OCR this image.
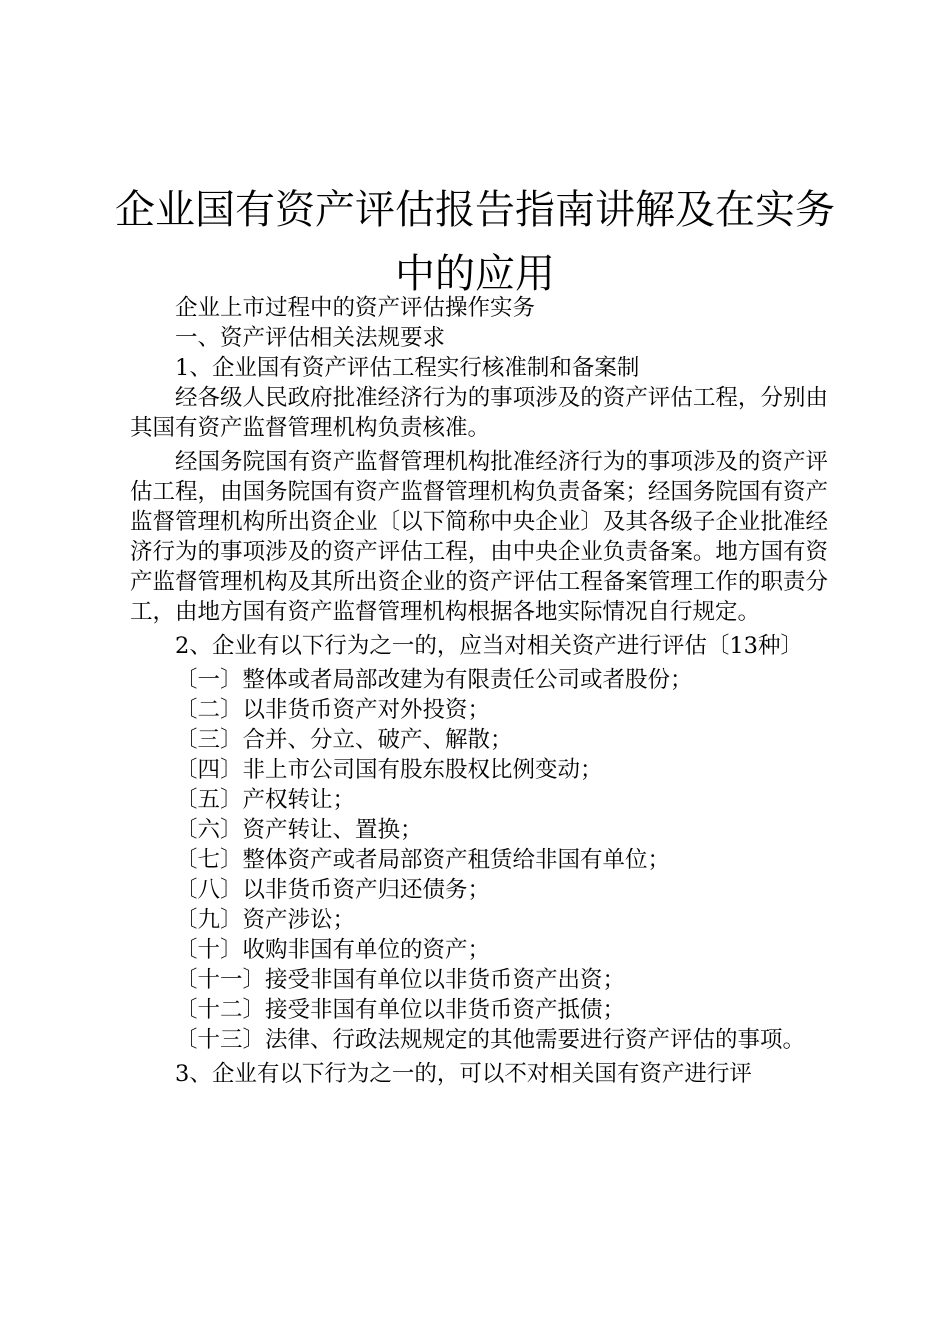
企业国有资产评估报告指南讲解及在实务中的应用

企业上市过程中的资产评估操作实务

一、资产评估相关法规要求

1、企业国有资产评估工程实行核准制和备案制

经各级人民政府批准经济行为的事项涉及的资产评估工程，分别由其国有资产监督管理机构负责核准。

经国务院国有资产监督管理机构批准经济行为的事项涉及的资产评估工程，由国务院国有资产监督管理机构负责备案；经国务院国有资产监督管理机构所出资企业〔以下简称中央企业〕及其各级子企业批准经济行为的事项涉及的资产评估工程，由中央企业负责备案。地方国有资产监督管理机构及其所出资企业的资产评估工程备案管理工作的职责分工，由地方国有资产监督管理机构根据各地实际情况自行规定。

2、企业有以下行为之一的，应当对相关资产进行评估〔13种〕

〔一〕整体或者局部改建为有限责任公司或者股份；

〔二〕以非货币资产对外投资；

〔三〕合并、分立、破产、解散；

〔四〕非上市公司国有股东股权比例变动；

〔五〕产权转让；

〔六〕资产转让、置换；

〔七〕整体资产或者局部资产租赁给非国有单位；

〔八〕以非货币资产归还债务；

〔九〕资产涉讼；

〔十〕收购非国有单位的资产；

〔十一〕接受非国有单位以非货币资产出资；

〔十二〕接受非国有单位以非货币资产抵债；

〔十三〕法律、行政法规规定的其他需要进行资产评估的事项。

3、企业有以下行为之一的，可以不对相关国有资产进行评
